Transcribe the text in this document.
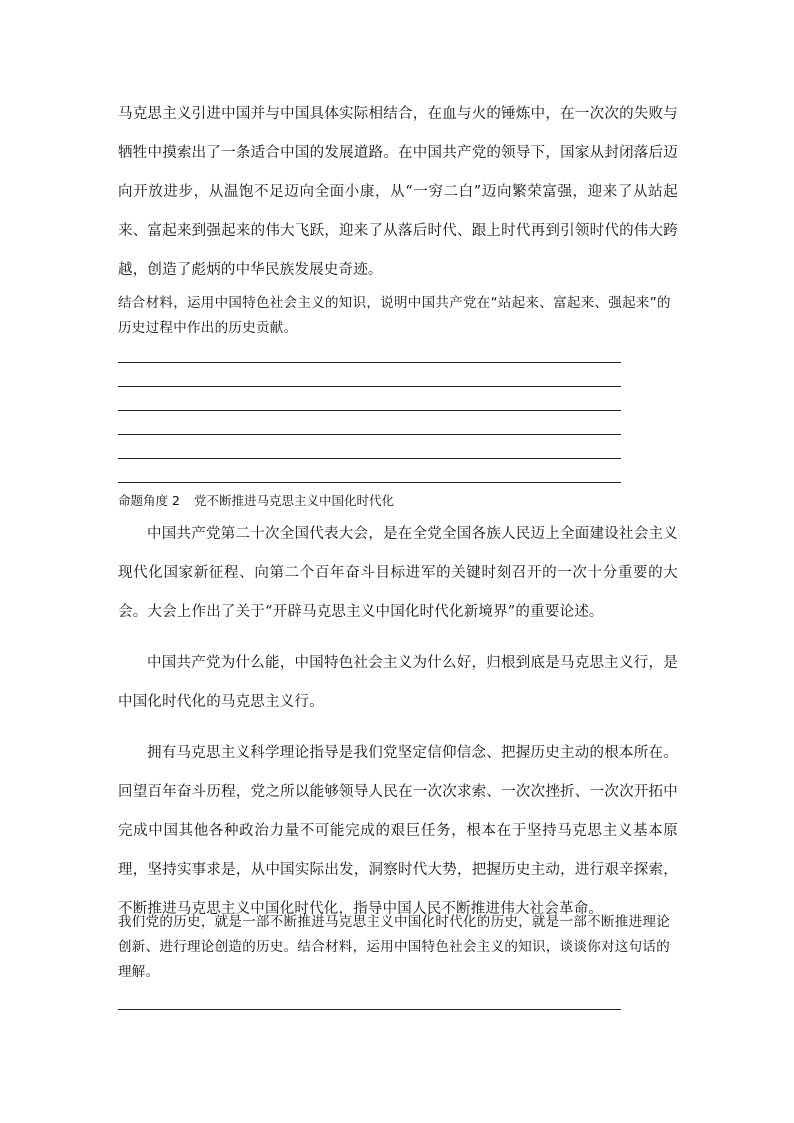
马克思主义引进中国并与中国具体实际相结合，在血与火的锤炼中，在一次次的失败与牺牲中摸索出了一条适合中国的发展道路。在中国共产党的领导下，国家从封闭落后迈向开放进步，从温饱不足迈向全面小康，从“一穷二白”迈向繁荣富强，迎来了从站起来、富起来到强起来的伟大飞跃，迎来了从落后时代、跟上时代再到引领时代的伟大跨越，创造了彪炳的中华民族发展史奇迹。

结合材料，运用中国特色社会主义的知识，说明中国共产党在“站起来、富起来、强起来”的历史过程中作出的历史贡献。

命题角度 2 党不断推进马克思主义中国化时代化

中国共产党第二十次全国代表大会，是在全党全国各族人民迈上全面建设社会主义现代化国家新征程、向第二个百年奋斗目标进军的关键时刻召开的一次十分重要的大会。大会上作出了关于“开辟马克思主义中国化时代化新境界”的重要论述。

中国共产党为什么能，中国特色社会主义为什么好，归根到底是马克思主义行，是中国化时代化的马克思主义行。

拥有马克思主义科学理论指导是我们党坚定信仰信念、把握历史主动的根本所在。回望百年奋斗历程，党之所以能够领导人民在一次次求索、一次次挫折、一次次开拓中完成中国其他各种政治力量不可能完成的艰巨任务，根本在于坚持马克思主义基本原理，坚持实事求是，从中国实际出发，洞察时代大势，把握历史主动，进行艰辛探索，不断推进马克思主义中国化时代化，指导中国人民不断推进伟大社会革命。

我们党的历史，就是一部不断推进马克思主义中国化时代化的历史，就是一部不断推进理论创新、进行理论创造的历史。结合材料，运用中国特色社会主义的知识，谈谈你对这句话的理解。
